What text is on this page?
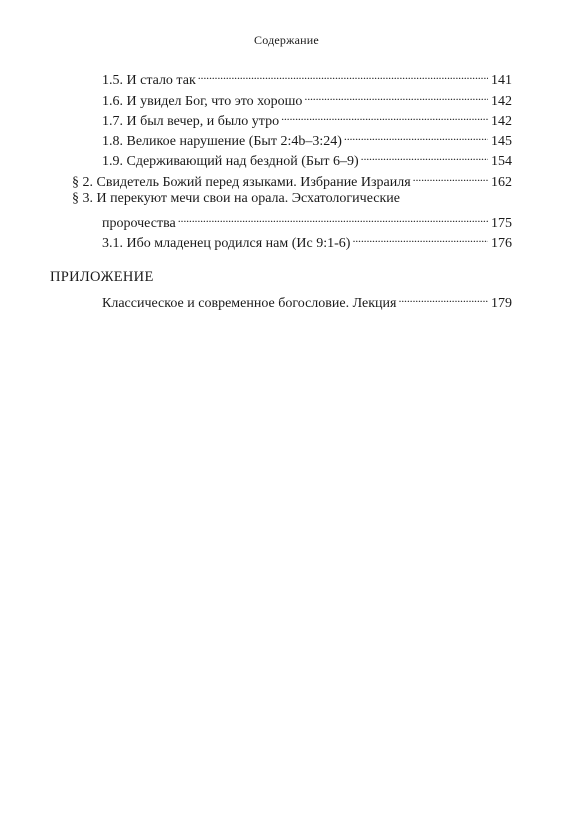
Содержание
1.5. И стало так . . .	141
1.6. И увидел Бог, что это хорошо . . .	142
1.7. И был вечер, и было утро . . .	142
1.8. Великое нарушение (Быт 2:4b–3:24) . . .	145
1.9. Сдерживающий над бездной (Быт 6–9) . . .	154
§ 2. Свидетель Божий перед языками. Избрание Израиля . . .	162
§ 3. И перекуют мечи свои на орала. Эсхатологические
пророчества . . .	175
3.1. Ибо младенец родился нам (Ис 9:1-6) . . .	176
ПРИЛОЖЕНИЕ
Классическое и современное богословие. Лекция . . .	179
